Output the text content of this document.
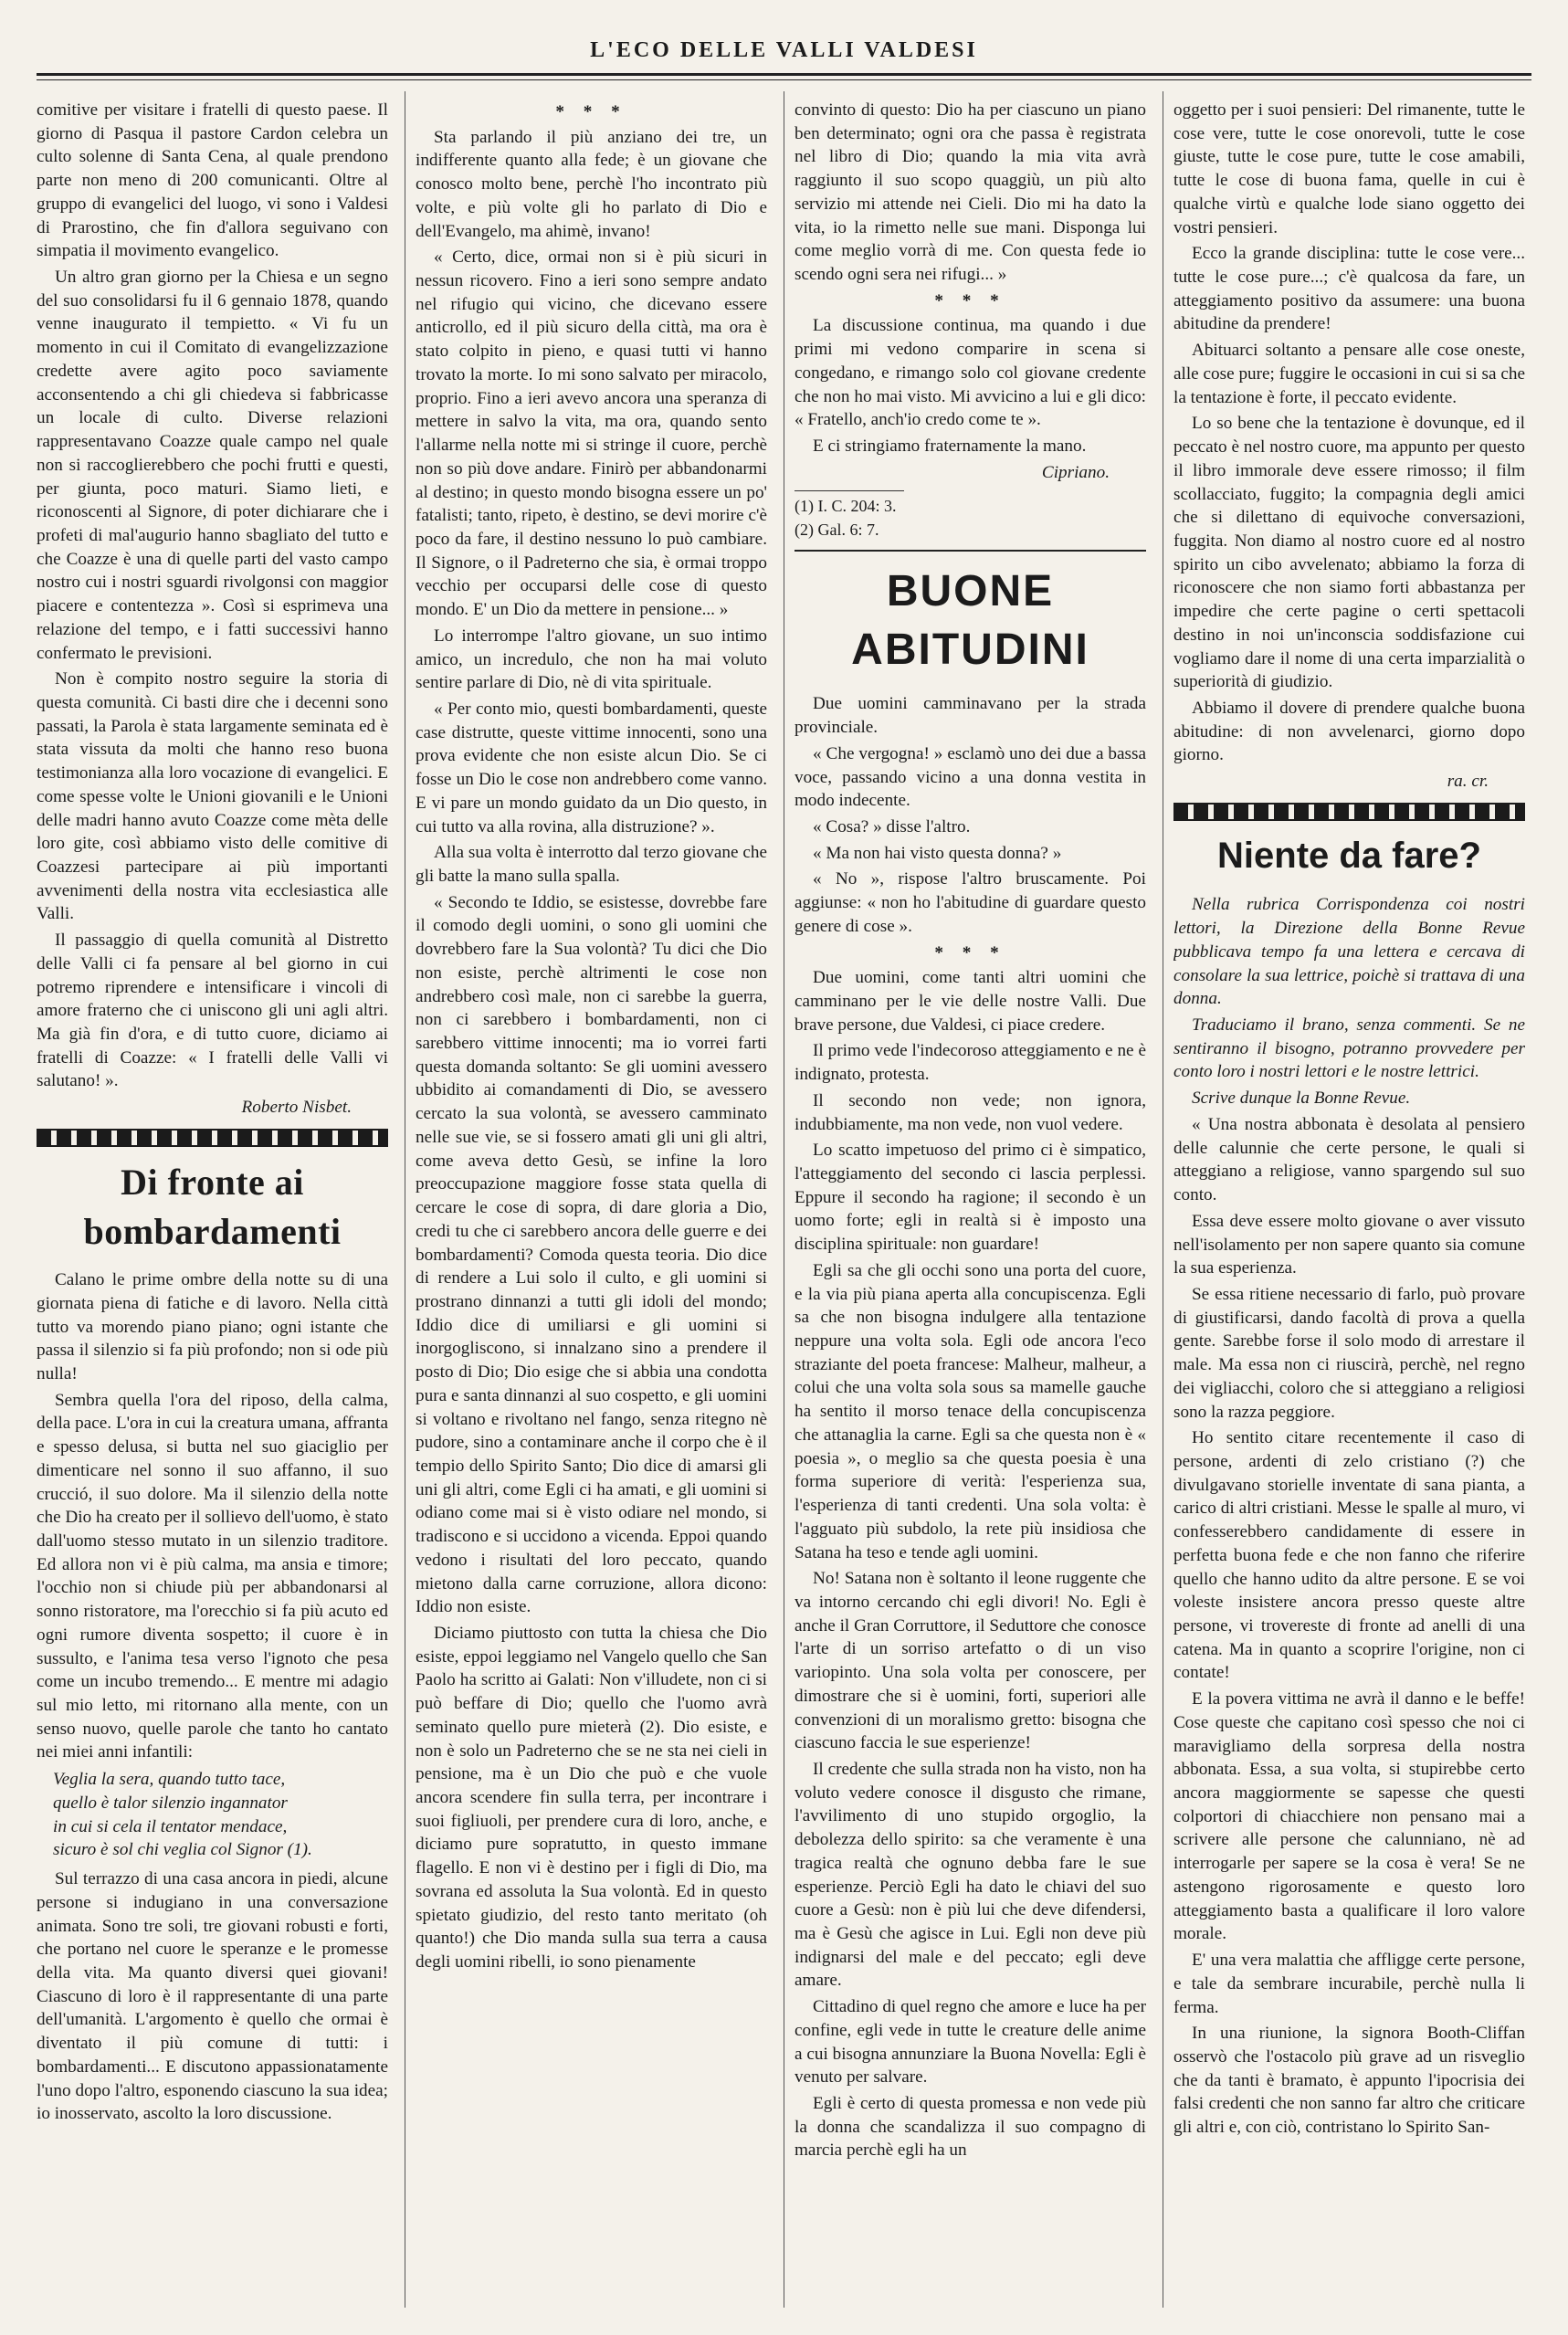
L'ECO DELLE VALLI VALDESI

comitive per visitare i fratelli di questo paese. Il giorno di Pasqua il pastore Cardon celebra un culto solenne di Santa Cena, al quale prendono parte non meno di 200 comunicanti. Oltre al gruppo di evangelici del luogo, vi sono i Valdesi di Prarostino, che fin d'allora seguivano con simpatia il movimento evangelico.

Un altro gran giorno per la Chiesa e un segno del suo consolidarsi fu il 6 gennaio 1878, quando venne inaugurato il tempietto. « Vi fu un momento in cui il Comitato di evangelizzazione credette avere agito poco saviamente acconsentendo a chi gli chiedeva si fabbricasse un locale di culto. Diverse relazioni rappresentavano Coazze quale campo nel quale non si raccoglierebbero che pochi frutti e questi, per giunta, poco maturi. Siamo lieti, e riconoscenti al Signore, di poter dichiarare che i profeti di mal'augurio hanno sbagliato del tutto e che Coazze è una di quelle parti del vasto campo nostro cui i nostri sguardi rivolgonsi con maggior piacere e contentezza ». Così si esprimeva una relazione del tempo, e i fatti successivi hanno confermato le previsioni.

Non è compito nostro seguire la storia di questa comunità. Ci basti dire che i decenni sono passati, la Parola è stata largamente seminata ed è stata vissuta da molti che hanno reso buona testimonianza alla loro vocazione di evangelici. E come spesse volte le Unioni giovanili e le Unioni delle madri hanno avuto Coazze come mèta delle loro gite, così abbiamo visto delle comitive di Coazzesi partecipare ai più importanti avvenimenti della nostra vita ecclesiastica alle Valli.

Il passaggio di quella comunità al Distretto delle Valli ci fa pensare al bel giorno in cui potremo riprendere e intensificare i vincoli di amore fraterno che ci uniscono gli uni agli altri. Ma già fin d'ora, e di tutto cuore, diciamo ai fratelli di Coazze: « I fratelli delle Valli vi salutano! ».

Roberto Nisbet.
Di fronte ai bombardamenti

Calano le prime ombre della notte su di una giornata piena di fatiche e di lavoro. Nella città tutto va morendo piano piano; ogni istante che passa il silenzio si fa più profondo; non si ode più nulla!

Sembra quella l'ora del riposo, della calma, della pace. L'ora in cui la creatura umana, affranta e spesso delusa, si butta nel suo giaciglio per dimenticare nel sonno il suo affanno, il suo crucció, il suo dolore. Ma il silenzio della notte che Dio ha creato per il sollievo dell'uomo, è stato dall'uomo stesso mutato in un silenzio traditore. Ed allora non vi è più calma, ma ansia e timore; l'occhio non si chiude più per abbandonarsi al sonno ristoratore, ma l'orecchio si fa più acuto ed ogni rumore diventa sospetto; il cuore è in sussulto, e l'anima tesa verso l'ignoto che pesa come un incubo tremendo... E mentre mi adagio sul mio letto, mi ritornano alla mente, con un senso nuovo, quelle parole che tanto ho cantato nei miei anni infantili:

Veglia la sera, quando tutto tace,
quello è talor silenzio ingannator
in cui si cela il tentator mendace,
sicuro è sol chi veglia col Signor (1).

Sul terrazzo di una casa ancora in piedi, alcune persone si indugiano in una conversazione animata. Sono tre soli, tre giovani robusti e forti, che portano nel cuore le speranze e le promesse della vita. Ma quanto diversi quei giovani! Ciascuno di loro è il rappresentante di una parte dell'umanità. L'argomento è quello che ormai è diventato il più comune di tutti: i bombardamenti... E discutono appassionatamente l'uno dopo l'altro, esponendo ciascuno la sua idea; io inosservato, ascolto la loro discussione.

* * *

Sta parlando il più anziano dei tre, un indifferente quanto alla fede; è un giovane che conosco molto bene, perchè l'ho incontrato più volte, e più volte gli ho parlato di Dio e dell'Evangelo, ma ahimè, invano!

« Certo, dice, ormai non si è più sicuri in nessun ricovero. Fino a ieri sono sempre andato nel rifugio qui vicino, che dicevano essere anticrollo, ed il più sicuro della città, ma ora è stato colpito in pieno, e quasi tutti vi hanno trovato la morte. Io mi sono salvato per miracolo, proprio. Fino a ieri avevo ancora una speranza di mettere in salvo la vita, ma ora, quando sento l'allarme nella notte mi si stringe il cuore, perchè non so più dove andare. Finirò per abbandonarmi al destino; in questo mondo bisogna essere un po' fatalisti; tanto, ripeto, è destino, se devi morire c'è poco da fare, il destino nessuno lo può cambiare. Il Signore, o il Padreterno che sia, è ormai troppo vecchio per occuparsi delle cose di questo mondo. E' un Dio da mettere in pensione... »

Lo interrompe l'altro giovane, un suo intimo amico, un incredulo, che non ha mai voluto sentire parlare di Dio, nè di vita spirituale.

« Per conto mio, questi bombardamenti, queste case distrutte, queste vittime innocenti, sono una prova evidente che non esiste alcun Dio. Se ci fosse un Dio le cose non andrebbero come vanno. E vi pare un mondo guidato da un Dio questo, in cui tutto va alla rovina, alla distruzione? ».

Alla sua volta è interrotto dal terzo giovane che gli batte la mano sulla spalla.

« Secondo te Iddio, se esistesse, dovrebbe fare il comodo degli uomini, o sono gli uomini che dovrebbero fare la Sua volontà? Tu dici che Dio non esiste, perchè altrimenti le cose non andrebbero così male, non ci sarebbe la guerra, non ci sarebbero i bombardamenti, non ci sarebbero vittime innocenti; ma io vorrei farti questa domanda soltanto: Se gli uomini avessero ubbidito ai comandamenti di Dio, se avessero cercato la sua volontà, se avessero camminato nelle sue vie, se si fossero amati gli uni gli altri, come aveva detto Gesù, se infine la loro preoccupazione maggiore fosse stata quella di cercare le cose di sopra, di dare gloria a Dio, credi tu che ci sarebbero ancora delle guerre e dei bombardamenti? Comoda questa teoria. Dio dice di rendere a Lui solo il culto, e gli uomini si prostrano dinnanzi a tutti gli idoli del mondo; Iddio dice di umiliarsi e gli uomini si inorgogliscono, si innalzano sino a prendere il posto di Dio; Dio esige che si abbia una condotta pura e santa dinnanzi al suo cospetto, e gli uomini si voltano e rivoltano nel fango, senza ritegno nè pudore, sino a contaminare anche il corpo che è il tempio dello Spirito Santo; Dio dice di amarsi gli uni gli altri, come Egli ci ha amati, e gli uomini si odiano come mai si è visto odiare nel mondo, si tradiscono e si uccidono a vicenda. Eppoi quando vedono i risultati del loro peccato, quando mietono dalla carne corruzione, allora dicono: Iddio non esiste.

Diciamo piuttosto con tutta la chiesa che Dio esiste, eppoi leggiamo nel Vangelo quello che San Paolo ha scritto ai Galati: Non v'illudete, non ci si può beffare di Dio; quello che l'uomo avrà seminato quello pure mieterà (2). Dio esiste, e non è solo un Padreterno che se ne sta nei cieli in pensione, ma è un Dio che può e che vuole ancora scendere fin sulla terra, per incontrare i suoi figliuoli, per prendere cura di loro, anche, e diciamo pure sopratutto, in questo immane flagello. E non vi è destino per i figli di Dio, ma sovrana ed assoluta la Sua volontà. Ed in questo spietato giudizio, del resto tanto meritato (oh quanto!) che Dio manda sulla sua terra a causa degli uomini ribelli, io sono pienamente

convinto di questo: Dio ha per ciascuno un piano ben determinato; ogni ora che passa è registrata nel libro di Dio; quando la mia vita avrà raggiunto il suo scopo quaggiù, un più alto servizio mi attende nei Cieli. Dio mi ha dato la vita, io la rimetto nelle sue mani. Disponga lui come meglio vorrà di me. Con questa fede io scendo ogni sera nei rifugi... »

* * *

La discussione continua, ma quando i due primi mi vedono comparire in scena si congedano, e rimango solo col giovane credente che non ho mai visto. Mi avvicino a lui e gli dico: « Fratello, anch'io credo come te ».

E ci stringiamo fraternamente la mano.

Cipriano.
(1) I. C. 204: 3.
(2) Gal. 6: 7.
BUONE ABITUDINI

Due uomini camminavano per la strada provinciale.

« Che vergogna! » esclamò uno dei due a bassa voce, passando vicino a una donna vestita in modo indecente.

« Cosa? » disse l'altro.

« Ma non hai visto questa donna? »

« No », rispose l'altro bruscamente. Poi aggiunse: « non ho l'abitudine di guardare questo genere di cose ».

* * *

Due uomini, come tanti altri uomini che camminano per le vie delle nostre Valli. Due brave persone, due Valdesi, ci piace credere.

Il primo vede l'indecoroso atteggiamento e ne è indignato, protesta.

Il secondo non vede; non ignora, indubbiamente, ma non vede, non vuol vedere.

Lo scatto impetuoso del primo ci è simpatico, l'atteggiamento del secondo ci lascia perplessi. Eppure il secondo ha ragione; il secondo è un uomo forte; egli in realtà si è imposto una disciplina spirituale: non guardare!

Egli sa che gli occhi sono una porta del cuore, e la via più piana aperta alla concupiscenza. Egli sa che non bisogna indulgere alla tentazione neppure una volta sola. Egli ode ancora l'eco straziante del poeta francese: Malheur, malheur, a colui che una volta sola sous sa mamelle gauche ha sentito il morso tenace della concupiscenza che attanaglia la carne. Egli sa che questa non è « poesia », o meglio sa che questa poesia è una forma superiore di verità: l'esperienza sua, l'esperienza di tanti credenti. Una sola volta: è l'agguato più subdolo, la rete più insidiosa che Satana ha teso e tende agli uomini.

No! Satana non è soltanto il leone ruggente che va intorno cercando chi egli divori! No. Egli è anche il Gran Corruttore, il Seduttore che conosce l'arte di un sorriso artefatto o di un viso variopinto. Una sola volta per conoscere, per dimostrare che si è uomini, forti, superiori alle convenzioni di un moralismo gretto: bisogna che ciascuno faccia le sue esperienze!

Il credente che sulla strada non ha visto, non ha voluto vedere conosce il disgusto che rimane, l'avvilimento di uno stupido orgoglio, la debolezza dello spirito: sa che veramente è una tragica realtà che ognuno debba fare le sue esperienze. Perciò Egli ha dato le chiavi del suo cuore a Gesù: non è più lui che deve difendersi, ma è Gesù che agisce in Lui. Egli non deve più indignarsi del male e del peccato; egli deve amare.

Cittadino di quel regno che amore e luce ha per confine, egli vede in tutte le creature delle anime a cui bisogna annunziare la Buona Novella: Egli è venuto per salvare.

Egli è certo di questa promessa e non vede più la donna che scandalizza il suo compagno di marcia perchè egli ha un

oggetto per i suoi pensieri: Del rimanente, tutte le cose vere, tutte le cose onorevoli, tutte le cose giuste, tutte le cose pure, tutte le cose amabili, tutte le cose di buona fama, quelle in cui è qualche virtù e qualche lode siano oggetto dei vostri pensieri.

Ecco la grande disciplina: tutte le cose vere... tutte le cose pure...; c'è qualcosa da fare, un atteggiamento positivo da assumere: una buona abitudine da prendere!

Abituarci soltanto a pensare alle cose oneste, alle cose pure; fuggire le occasioni in cui si sa che la tentazione è forte, il peccato evidente.

Lo so bene che la tentazione è dovunque, ed il peccato è nel nostro cuore, ma appunto per questo il libro immorale deve essere rimosso; il film scollacciato, fuggito; la compagnia degli amici che si dilettano di equivoche conversazioni, fuggita. Non diamo al nostro cuore ed al nostro spirito un cibo avvelenato; abbiamo la forza di riconoscere che non siamo forti abbastanza per impedire che certe pagine o certi spettacoli destino in noi un'inconscia soddisfazione cui vogliamo dare il nome di una certa imparzialità o superiorità di giudizio.

Abbiamo il dovere di prendere qualche buona abitudine: di non avvelenarci, giorno dopo giorno.

ra. cr.
Niente da fare?

Nella rubrica Corrispondenza coi nostri lettori, la Direzione della Bonne Revue pubblicava tempo fa una lettera e cercava di consolare la sua lettrice, poichè si trattava di una donna.

Traduciamo il brano, senza commenti. Se ne sentiranno il bisogno, potranno provvedere per conto loro i nostri lettori e le nostre lettrici.

Scrive dunque la Bonne Revue.

« Una nostra abbonata è desolata al pensiero delle calunnie che certe persone, le quali si atteggiano a religiose, vanno spargendo sul suo conto.

Essa deve essere molto giovane o aver vissuto nell'isolamento per non sapere quanto sia comune la sua esperienza.

Se essa ritiene necessario di farlo, può provare di giustificarsi, dando facoltà di prova a quella gente. Sarebbe forse il solo modo di arrestare il male. Ma essa non ci riuscirà, perchè, nel regno dei vigliacchi, coloro che si atteggiano a religiosi sono la razza peggiore.

Ho sentito citare recentemente il caso di persone, ardenti di zelo cristiano (?) che divulgavano storielle inventate di sana pianta, a carico di altri cristiani. Messe le spalle al muro, vi confesserebbero candidamente di essere in perfetta buona fede e che non fanno che riferire quello che hanno udito da altre persone. E se voi voleste insistere ancora presso queste altre persone, vi trovereste di fronte ad anelli di una catena. Ma in quanto a scoprire l'origine, non ci contate!

E la povera vittima ne avrà il danno e le beffe! Cose queste che capitano così spesso che noi ci maravigliamo della sorpresa della nostra abbonata. Essa, a sua volta, si stupirebbe certo ancora maggiormente se sapesse che questi colportori di chiacchiere non pensano mai a scrivere alle persone che calunniano, nè ad interrogarle per sapere se la cosa è vera! Se ne astengono rigorosamente e questo loro atteggiamento basta a qualificare il loro valore morale.

E' una vera malattia che affligge certe persone, e tale da sembrare incurabile, perchè nulla li ferma.

In una riunione, la signora Booth-Cliffan osservò che l'ostacolo più grave ad un risveglio che da tanti è bramato, è appunto l'ipocrisia dei falsi credenti che non sanno far altro che criticare gli altri e, con ciò, contristano lo Spirito San-
